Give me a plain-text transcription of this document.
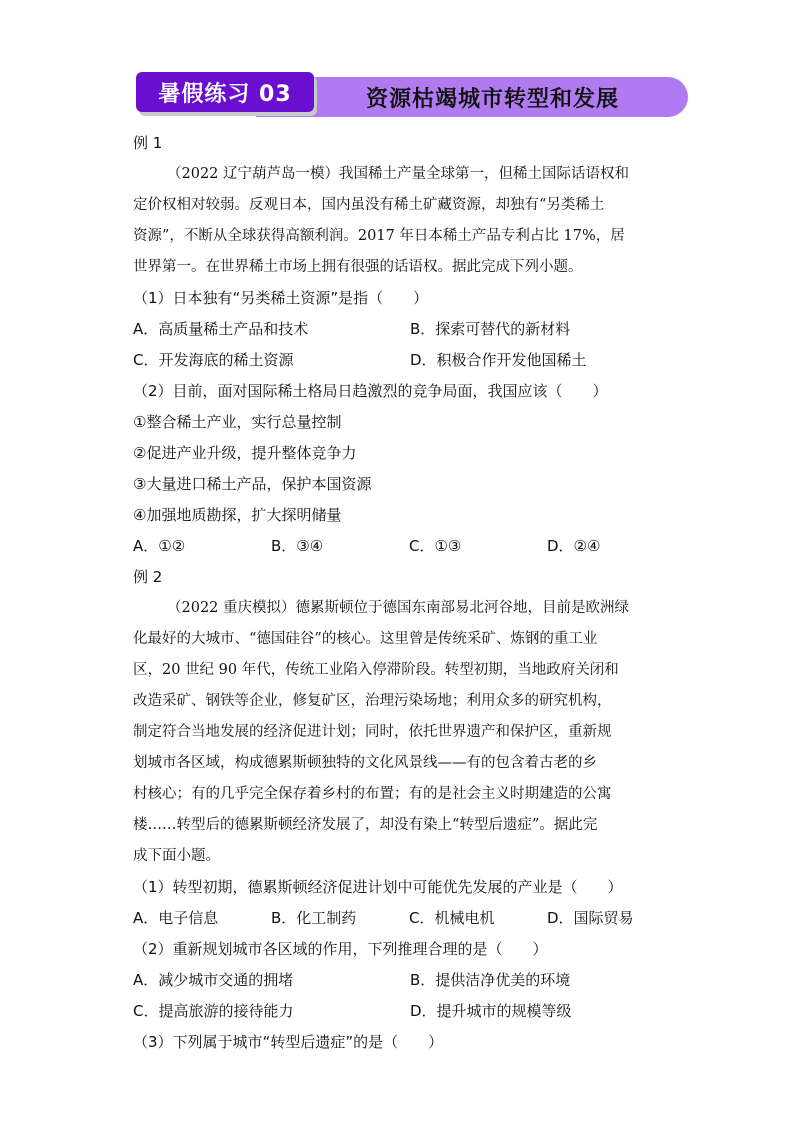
暑假练习 03	资源枯竭城市转型和发展
例 1
（2022 辽宁葫芦岛一模）我国稀土产量全球第一，但稀土国际话语权和
定价权相对较弱。反观日本，国内虽没有稀土矿藏资源，却独有“另类稀土
资源”，不断从全球获得高额利润。2017 年日本稀土产品专利占比 17%，居
世界第一。在世界稀土市场上拥有很强的话语权。据此完成下列小题。
（1）日本独有“另类稀土资源”是指（　　）
A．高质量稀土产品和技术	B．探索可替代的新材料
C．开发海底的稀土资源	D．积极合作开发他国稀土
（2）目前，面对国际稀土格局日趋激烈的竞争局面，我国应该（　　）
①整合稀土产业，实行总量控制
②促进产业升级，提升整体竞争力
③大量进口稀土产品，保护本国资源
④加强地质勘探，扩大探明储量
A．①②	B．③④	C．①③	D．②④
例 2
（2022 重庆模拟）德累斯顿位于德国东南部易北河谷地，目前是欧洲绿
化最好的大城市、“德国硅谷”的核心。这里曾是传统采矿、炼钢的重工业
区，20 世纪 90 年代，传统工业陷入停滞阶段。转型初期，当地政府关闭和
改造采矿、钢铁等企业，修复矿区，治理污染场地；利用众多的研究机构，
制定符合当地发展的经济促进计划；同时，依托世界遗产和保护区，重新规
划城市各区域，构成德累斯顿独特的文化风景线——有的包含着古老的乡
村核心；有的几乎完全保存着乡村的布置；有的是社会主义时期建造的公寓
楼……转型后的德累斯顿经济发展了，却没有染上“转型后遗症”。据此完
成下面小题。
（1）转型初期，德累斯顿经济促进计划中可能优先发展的产业是（　　）
A．电子信息	B．化工制药	C．机械电机	D．国际贸易
（2）重新规划城市各区域的作用，下列推理合理的是（　　）
A．减少城市交通的拥堵	B．提供洁净优美的环境
C．提高旅游的接待能力	D．提升城市的规模等级
（3）下列属于城市“转型后遗症”的是（　　）
